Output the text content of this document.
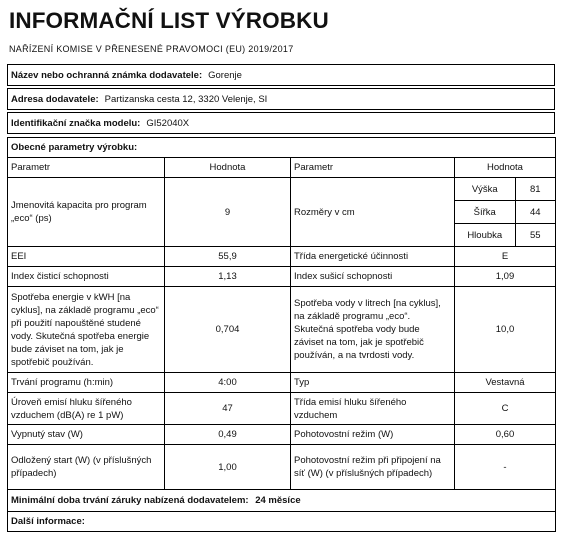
INFORMAČNÍ LIST VÝROBKU
NAŘÍZENÍ KOMISE V PŘENESENÉ PRAVOMOCI (EU) 2019/2017
Název nebo ochranná známka dodavatele: Gorenje
Adresa dodavatele: Partizanska cesta 12, 3320 Velenje, SI
Identifikační značka modelu: GI52040X
Obecné parametry výrobku:
Parametr	Hodnota	Parametr	Hodnota
Jmenovitá kapacita pro program „eco“ (ps)	9	Rozměry v cm	
Výška	81
Šířka	44
Hloubka	55

EEI	55,9	Třída energetické účinnosti	E
Index čisticí schopnosti	1,13	Index sušicí schopnosti	1,09
Spotřeba energie v kWH [na cyklus], na základě programu „eco“ při použití napouštěné studené vody. Skutečná spotřeba energie bude záviset na tom, jak je spotřebič používán.	0,704	Spotřeba vody v litrech [na cyklus], na základě programu „eco“. Skutečná spotřeba vody bude záviset na tom, jak je spotřebič používán, a na tvrdosti vody.	10,0
Trvání programu (h:min)	4:00	Typ	Vestavná
Úroveň emisí hluku šířeného vzduchem (dB(A) re 1 pW)	47	Třída emisí hluku šířeného vzduchem	C
Vypnutý stav (W)	0,49	Pohotovostní režim (W)	0,60
Odložený start (W) (v příslušných případech)	1,00	Pohotovostní režim při připojení na síť (W) (v příslušných případech)	-
Minimální doba trvání záruky nabízená dodavatelem: 24 měsíce
Další informace:
